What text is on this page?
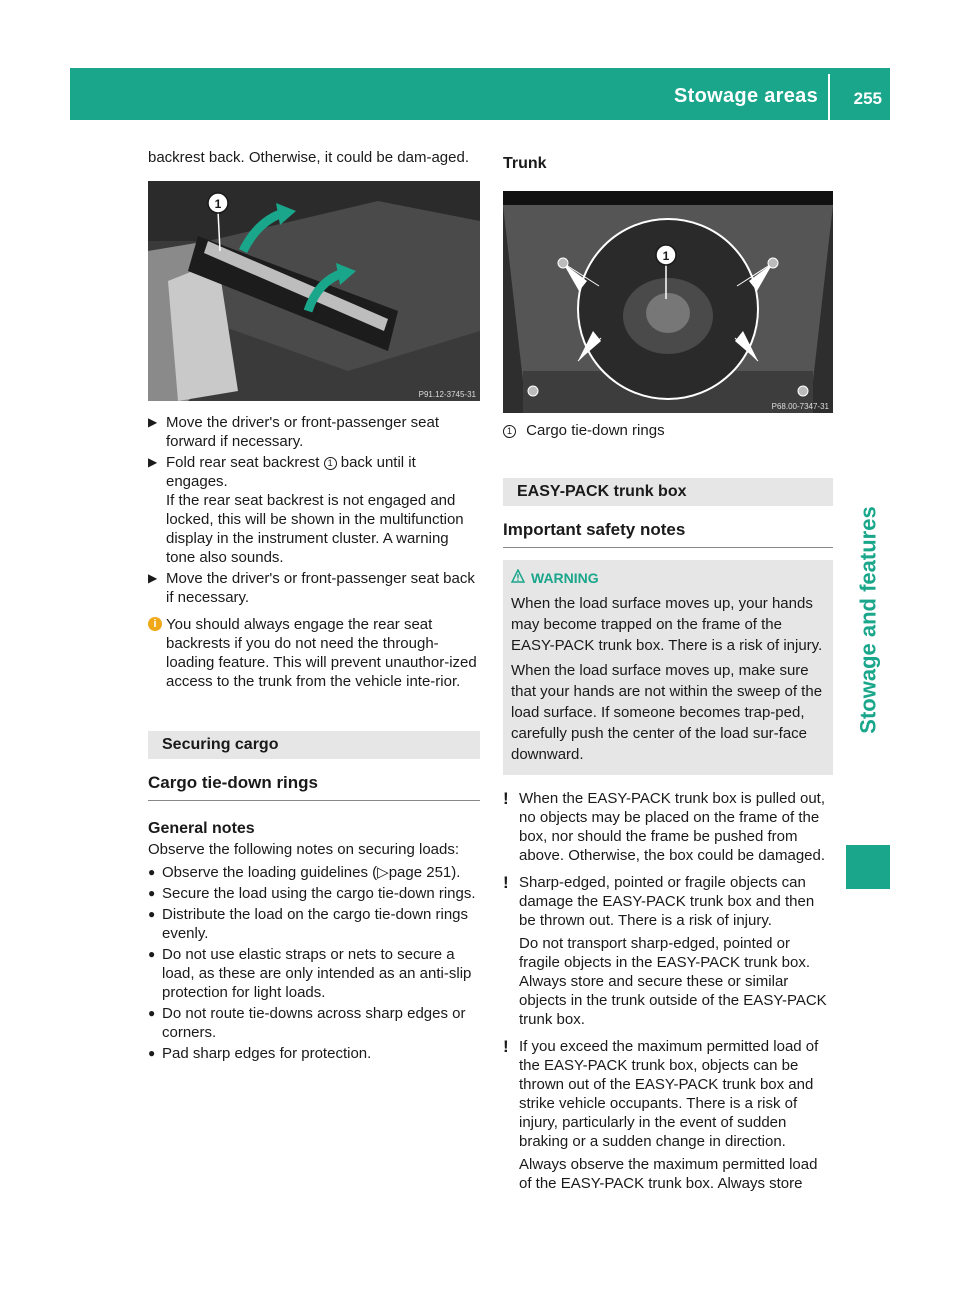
Stowage areas 255
Stowage and features

backrest back. Otherwise, it could be dam-aged.

1
P91.12-3745-31
▶ Move the driver's or front-passenger seat forward if necessary.
▶ Fold rear seat backrest 1 back until it engages.

If the rear seat backrest is not engaged and locked, this will be shown in the multifunction display in the instrument cluster. A warning tone also sounds.

▶ Move the driver's or front-passenger seat back if necessary.
i You should always engage the rear seat backrests if you do not need the through-loading feature. This will prevent unauthor-ized access to the trunk from the vehicle inte-rior.

Securing cargo
Cargo tie-down rings
General notes

Observe the following notes on securing loads:

● Observe the loading guidelines (▷page 251).
● Secure the load using the cargo tie-down rings.
● Distribute the load on the cargo tie-down rings evenly.
● Do not use elastic straps or nets to secure a load, as these are only intended as an anti-slip protection for light loads.
● Do not route tie-downs across sharp edges or corners.
● Pad sharp edges for protection.
Trunk
1
P68.00-7347-31
1 Cargo tie-down rings
EASY-PACK trunk box
Important safety notes
WARNING

When the load surface moves up, your hands may become trapped on the frame of the EASY-PACK trunk box. There is a risk of injury.

When the load surface moves up, make sure that your hands are not within the sweep of the load surface. If someone becomes trap-ped, carefully push the center of the load sur-face downward.

! When the EASY-PACK trunk box is pulled out, no objects may be placed on the frame of the box, nor should the frame be pushed from above. Otherwise, the box could be damaged.

! Sharp-edged, pointed or fragile objects can damage the EASY-PACK trunk box and then be thrown out. There is a risk of injury.

Do not transport sharp-edged, pointed or fragile objects in the EASY-PACK trunk box. Always store and secure these or similar objects in the trunk outside of the EASY-PACK trunk box.

! If you exceed the maximum permitted load of the EASY-PACK trunk box, objects can be thrown out of the EASY-PACK trunk box and strike vehicle occupants. There is a risk of injury, particularly in the event of sudden braking or a sudden change in direction.

Always observe the maximum permitted load of the EASY-PACK trunk box. Always store
